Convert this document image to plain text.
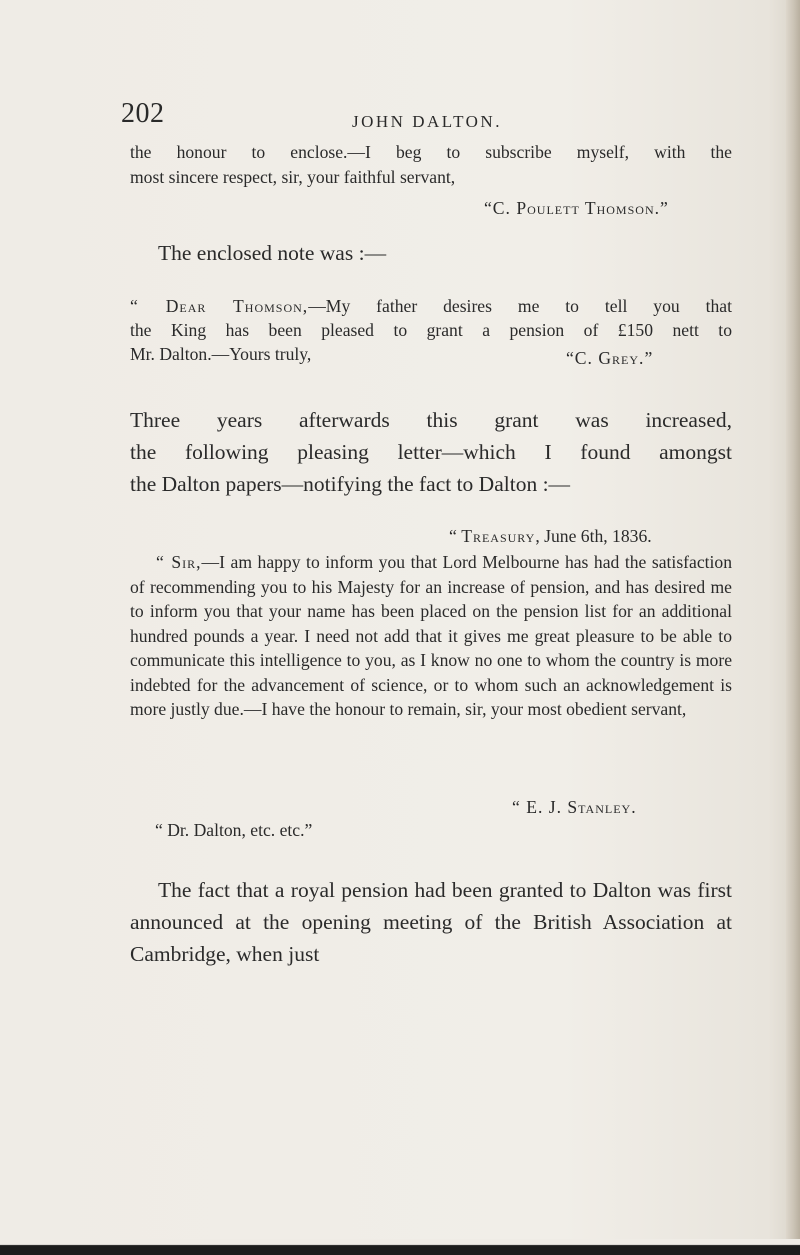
202	JOHN DALTON.

the honour to enclose.—I beg to subscribe myself, with the

most sincere respect, sir, your faithful servant,

“C. Poulett Thomson.”
The enclosed note was :—

“ Dear Thomson,—My father desires me to tell you that

the King has been pleased to grant a pension of £150 nett to

Mr. Dalton.—Yours truly,	“C. Grey.”

Three years afterwards this grant was increased,

the following pleasing letter—which I found amongst

the Dalton papers—notifying the fact to Dalton :—

“ Treasury, June 6th, 1836.

“ Sir,—I am happy to inform you that Lord Melbourne has had the satisfaction of recommending you to his Majesty for an increase of pension, and has desired me to inform you that your name has been placed on the pension list for an additional hundred pounds a year. I need not add that it gives me great pleasure to be able to communicate this intelligence to you, as I know no one to whom the country is more indebted for the advancement of science, or to whom such an acknowledgement is more justly due.—I have the honour to remain, sir, your most obedient servant,

“ E. J. Stanley.
“ Dr. Dalton, etc. etc.”

The fact that a royal pension had been granted to Dalton was first announced at the opening meeting of the British Association at Cambridge, when just
